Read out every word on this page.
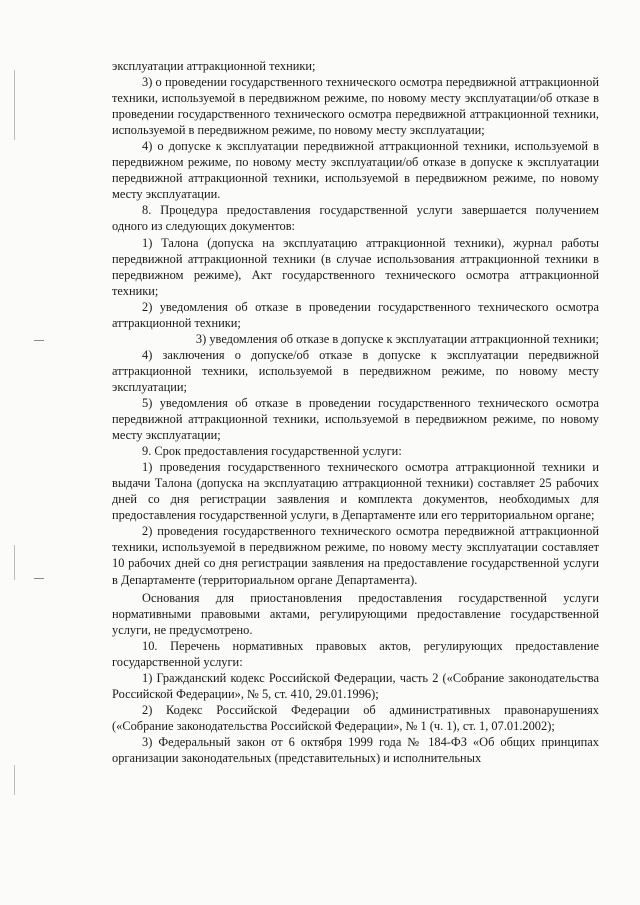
эксплуатации аттракционной техники;

3) о проведении государственного технического осмотра передвижной аттракционной техники, используемой в передвижном режиме, по новому месту эксплуатации/об отказе в проведении государственного технического осмотра передвижной аттракционной техники, используемой в передвижном режиме, по новому месту эксплуатации;

4) о допуске к эксплуатации передвижной аттракционной техники, используемой в передвижном режиме, по новому месту эксплуатации/об отказе в допуске к эксплуатации передвижной аттракционной техники, используемой в передвижном режиме, по новому месту эксплуатации.

8. Процедура предоставления государственной услуги завершается получением одного из следующих документов:

1) Талона (допуска на эксплуатацию аттракционной техники), журнал работы передвижной аттракционной техники (в случае использования аттракционной техники в передвижном режиме), Акт государственного технического осмотра аттракционной техники;

2) уведомления об отказе в проведении государственного технического осмотра аттракционной техники;

3) уведомления об отказе в допуске к эксплуатации аттракционной техники;

4) заключения о допуске/об отказе в допуске к эксплуатации передвижной аттракционной техники, используемой в передвижном режиме, по новому месту эксплуатации;

5) уведомления об отказе в проведении государственного технического осмотра передвижной аттракционной техники, используемой в передвижном режиме, по новому месту эксплуатации;

9. Срок предоставления государственной услуги:

1) проведения государственного технического осмотра аттракционной техники и выдачи Талона (допуска на эксплуатацию аттракционной техники) составляет 25 рабочих дней со дня регистрации заявления и комплекта документов, необходимых для предоставления государственной услуги, в Департаменте или его территориальном органе;

2) проведения государственного технического осмотра передвижной аттракционной техники, используемой в передвижном режиме, по новому месту эксплуатации составляет 10 рабочих дней со дня регистрации заявления на предоставление государственной услуги в Департаменте (территориальном органе Департамента).

Основания для приостановления предоставления государственной услуги нормативными правовыми актами, регулирующими предоставление государственной услуги, не предусмотрено.

10. Перечень нормативных правовых актов, регулирующих предоставление государственной услуги:

1) Гражданский кодекс Российской Федерации, часть 2 («Собрание законодательства Российской Федерации», № 5, ст. 410, 29.01.1996);

2) Кодекс Российской Федерации об административных правонарушениях («Собрание законодательства Российской Федерации», № 1 (ч. 1), ст. 1, 07.01.2002);

3) Федеральный закон от 6 октября 1999 года № 184-ФЗ «Об общих принципах организации законодательных (представительных) и исполнительных
